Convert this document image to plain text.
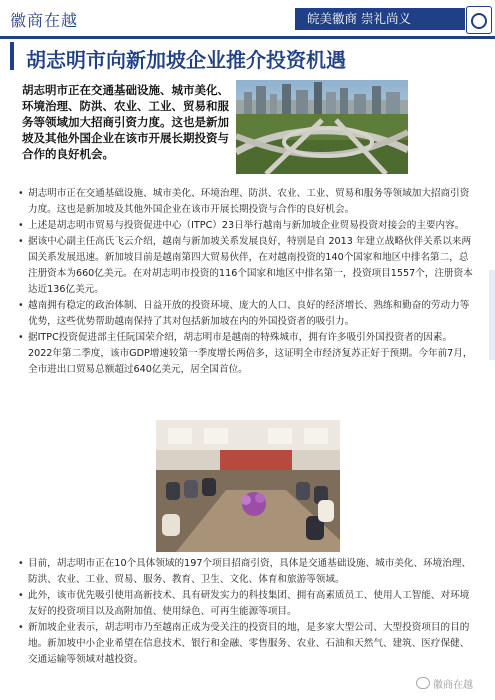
徽商在越	皖美徽商 崇礼尚义
胡志明市向新加坡企业推介投资机遇
胡志明市正在交通基础设施、城市美化、环境治理、防洪、农业、工业、贸易和服务等领域加大招商引资力度。这也是新加坡及其他外国企业在该市开展长期投资与合作的良好机会。
• 胡志明市正在交通基础设施、城市美化、环境治理、防洪、农业、工业、贸易和服务等领域加大招商引资力度。这也是新加坡及其他外国企业在该市开展长期投资与合作的良好机会。
• 上述是胡志明市贸易与投资促进中心（ITPC）23日举行越南与新加坡企业贸易投资对接会的主要内容。
• 据该中心副主任高氏飞云介绍，越南与新加坡关系发展良好，特别是自 2013 年建立战略伙伴关系以来两国关系发展迅速。新加坡目前是越南第四大贸易伙伴，在对越南投资的140个国家和地区中排名第二，总注册资本为660亿美元。在对胡志明市投资的116个国家和地区中排名第一，投资项目1557个，注册资本达近136亿美元。
• 越南拥有稳定的政治体制、日益开放的投资环境、庞大的人口、良好的经济增长、熟练和勤奋的劳动力等优势，这些优势帮助越南保持了其对包括新加坡在内的外国投资者的吸引力。
• 据ITPC投资促进部主任阮国荣介绍，胡志明市是越南的特殊城市，拥有许多吸引外国投资者的因素。2022年第二季度，该市GDP增速较第一季度增长两倍多，这证明全市经济复苏正好于预期。今年前7月，全市进出口贸易总额超过640亿美元，居全国首位。
• 目前，胡志明市正在10个具体领域的197个项目招商引资，具体是交通基础设施、城市美化、环境治理、防洪、农业、工业、贸易、服务、教育、卫生、文化、体育和旅游等领域。
• 此外，该市优先吸引使用高新技术、具有研发实力的科技集团、拥有高素质员工、使用人工智能、对环境友好的投资项目以及高附加值、使用绿色、可再生能源等项目。
• 新加坡企业表示，胡志明市乃至越南正成为受关注的投资目的地，是多家大型公司、大型投资项目的目的地。新加坡中小企业希望在信息技术、银行和金融、零售服务、农业、石油和天然气、建筑、医疗保健、交通运输等领域对越投资。
徽商在越
